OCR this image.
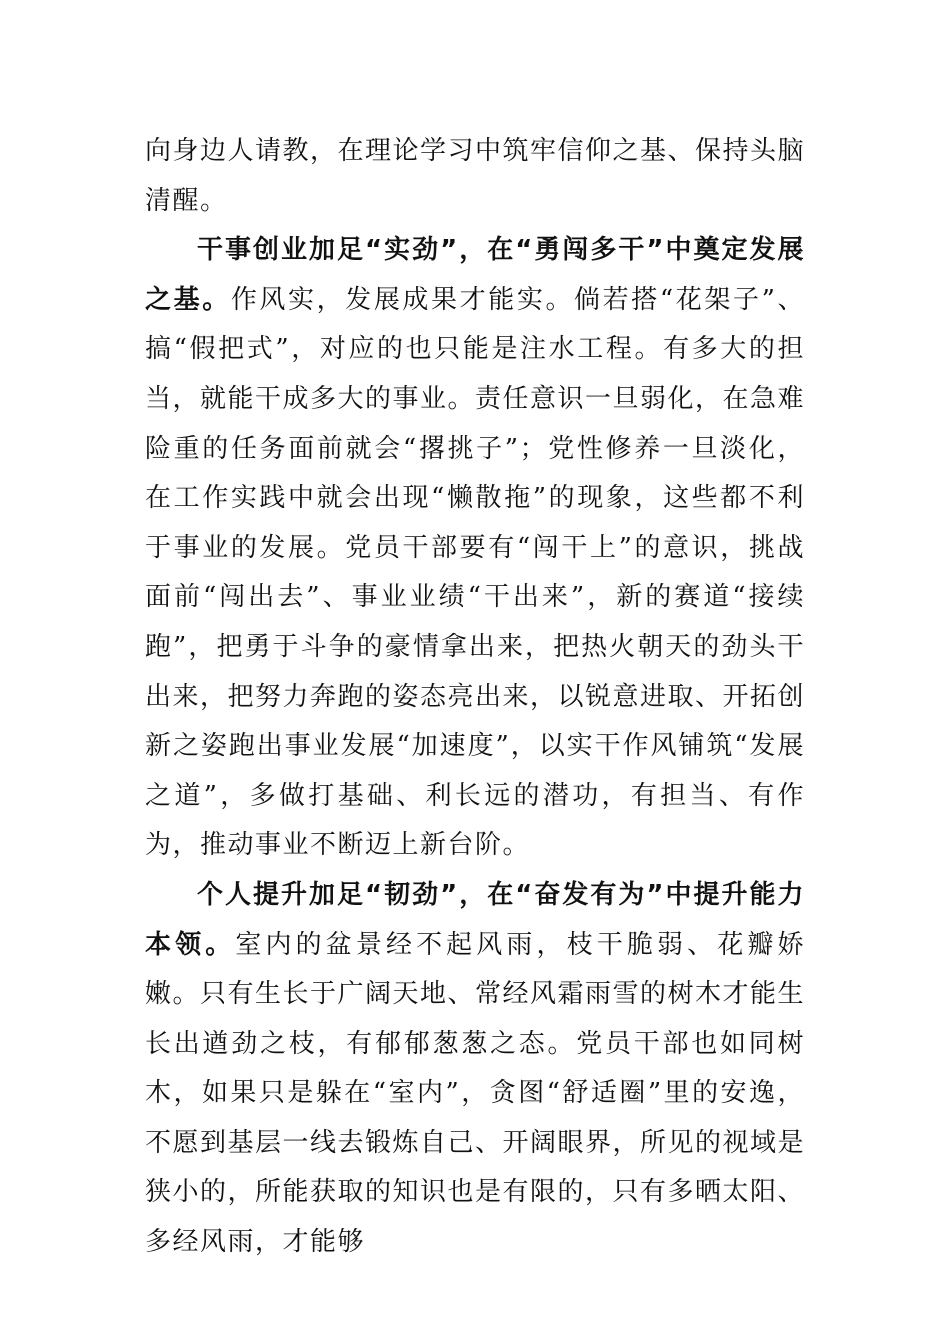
向身边人请教，在理论学习中筑牢信仰之基、保持头脑清醒。

干事创业加足“实劲”，在“勇闯多干”中奠定发展之基。作风实，发展成果才能实。倘若搭“花架子”、搞“假把式”，对应的也只能是注水工程。有多大的担当，就能干成多大的事业。责任意识一旦弱化，在急难险重的任务面前就会“撂挑子”；党性修养一旦淡化，在工作实践中就会出现“懒散拖”的现象，这些都不利于事业的发展。党员干部要有“闯干上”的意识，挑战面前“闯出去”、事业业绩“干出来”，新的赛道“接续跑”，把勇于斗争的豪情拿出来，把热火朝天的劲头干出来，把努力奔跑的姿态亮出来，以锐意进取、开拓创新之姿跑出事业发展“加速度”，以实干作风铺筑“发展之道”，多做打基础、利长远的潜功，有担当、有作为，推动事业不断迈上新台阶。

个人提升加足“韧劲”，在“奋发有为”中提升能力本领。室内的盆景经不起风雨，枝干脆弱、花瓣娇嫩。只有生长于广阔天地、常经风霜雨雪的树木才能生长出遒劲之枝，有郁郁葱葱之态。党员干部也如同树木，如果只是躲在“室内”，贪图“舒适圈”里的安逸，不愿到基层一线去锻炼自己、开阔眼界，所见的视域是狭小的，所能获取的知识也是有限的，只有多晒太阳、多经风雨，才能够
